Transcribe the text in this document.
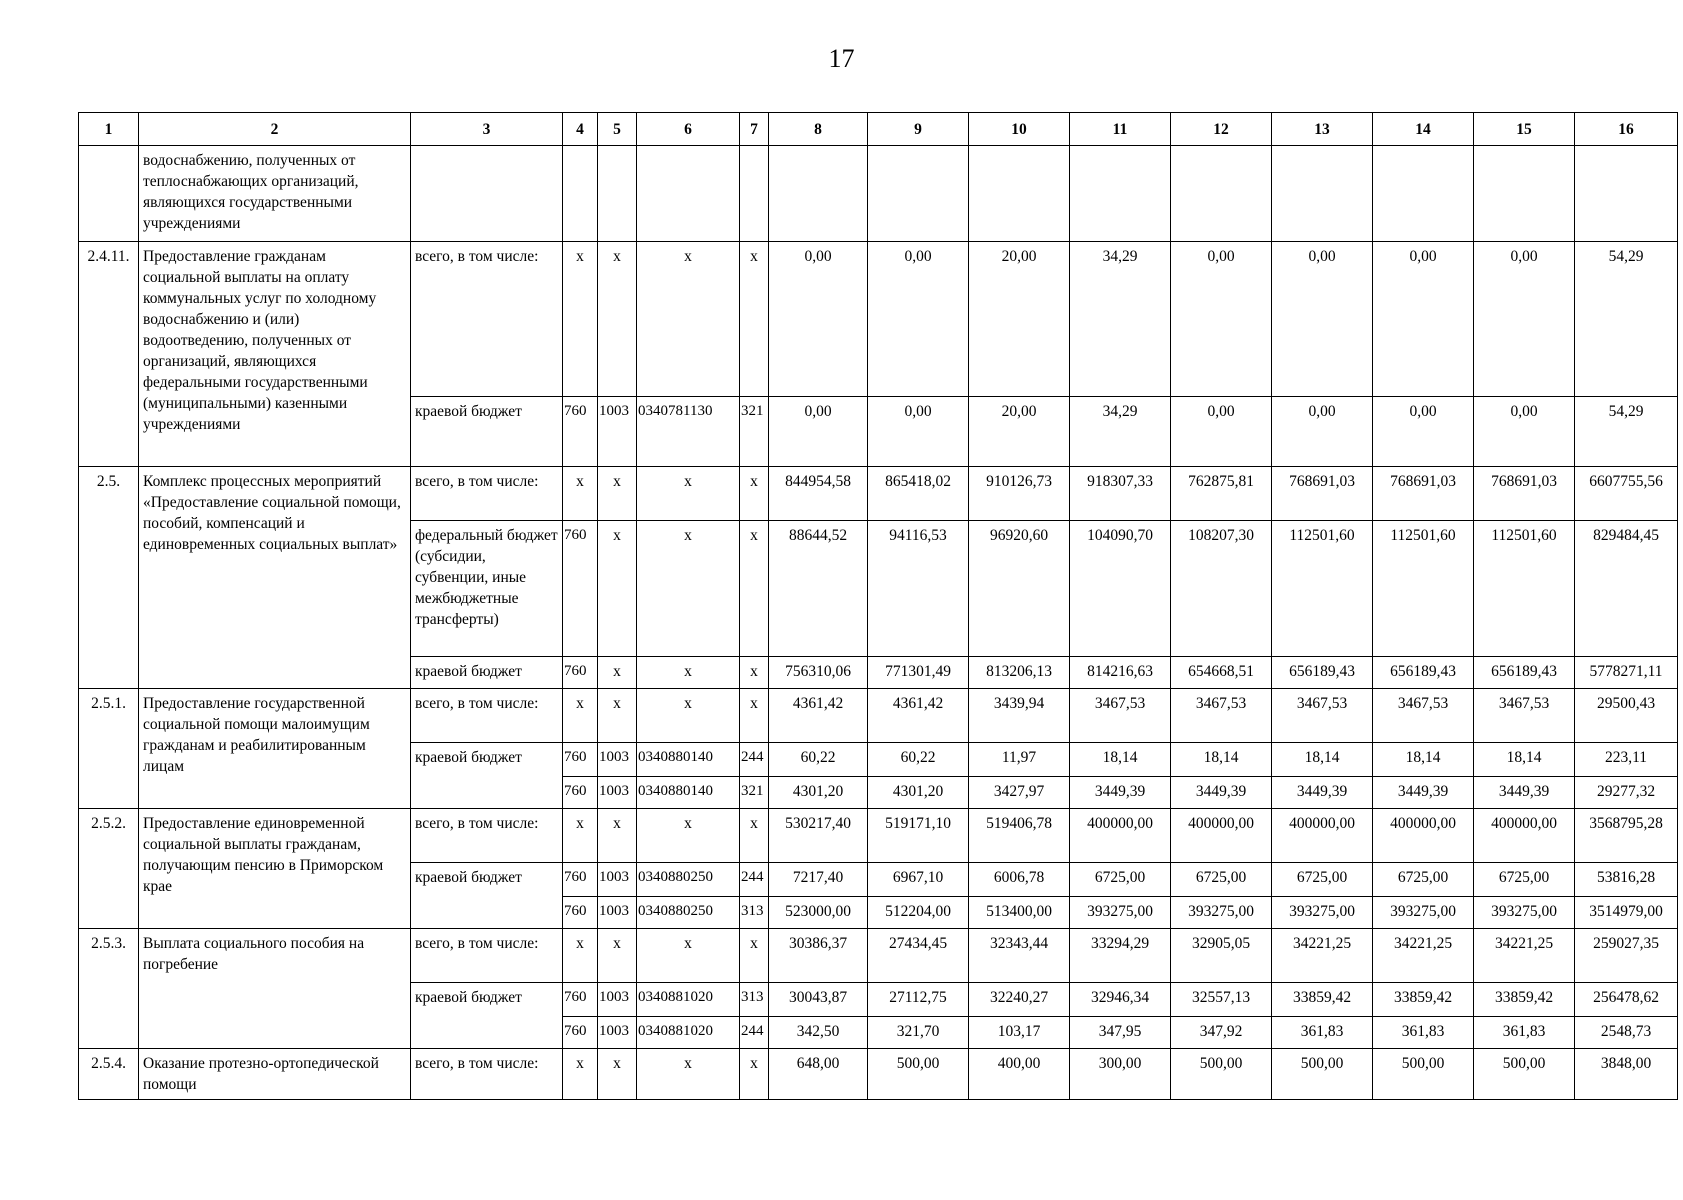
17
1	2	3	4	5	6	7	8	9	10	11	12	13	14	15	16
	водоснабжению, полученных от теплоснабжающих организаций, являющихся государственными учреждениями														
2.4.11.	Предоставление гражданам социальной выплаты на оплату коммунальных услуг по холодному водоснабжению и (или) водоотведению, полученных от организаций, являющихся федеральными государственными (муниципальными) казенными учреждениями	всего, в том числе:	x	x	x	x	0,00	0,00	20,00	34,29	0,00	0,00	0,00	0,00	54,29
		краевой бюджет	760	1003	0340781130	321	0,00	0,00	20,00	34,29	0,00	0,00	0,00	0,00	54,29
2.5.	Комплекс процессных мероприятий «Предоставление социальной помощи, пособий, компенсаций и единовременных социальных выплат»	всего, в том числе:	x	x	x	x	844954,58	865418,02	910126,73	918307,33	762875,81	768691,03	768691,03	768691,03	6607755,56
		федеральный бюджет (субсидии, субвенции, иные межбюджетные трансферты)	760	x	x	x	88644,52	94116,53	96920,60	104090,70	108207,30	112501,60	112501,60	112501,60	829484,45
		краевой бюджет	760	x	x	x	756310,06	771301,49	813206,13	814216,63	654668,51	656189,43	656189,43	656189,43	5778271,11
2.5.1.	Предоставление государственной социальной помощи малоимущим гражданам и реабилитированным лицам	всего, в том числе:	x	x	x	x	4361,42	4361,42	3439,94	3467,53	3467,53	3467,53	3467,53	3467,53	29500,43
		краевой бюджет	760	1003	0340880140	244	60,22	60,22	11,97	18,14	18,14	18,14	18,14	18,14	223,11
			760	1003	0340880140	321	4301,20	4301,20	3427,97	3449,39	3449,39	3449,39	3449,39	3449,39	29277,32
2.5.2.	Предоставление единовременной социальной выплаты гражданам, получающим пенсию в Приморском крае	всего, в том числе:	x	x	x	x	530217,40	519171,10	519406,78	400000,00	400000,00	400000,00	400000,00	400000,00	3568795,28
		краевой бюджет	760	1003	0340880250	244	7217,40	6967,10	6006,78	6725,00	6725,00	6725,00	6725,00	6725,00	53816,28
			760	1003	0340880250	313	523000,00	512204,00	513400,00	393275,00	393275,00	393275,00	393275,00	393275,00	3514979,00
2.5.3.	Выплата социального пособия на погребение	всего, в том числе:	x	x	x	x	30386,37	27434,45	32343,44	33294,29	32905,05	34221,25	34221,25	34221,25	259027,35
		краевой бюджет	760	1003	0340881020	313	30043,87	27112,75	32240,27	32946,34	32557,13	33859,42	33859,42	33859,42	256478,62
			760	1003	0340881020	244	342,50	321,70	103,17	347,95	347,92	361,83	361,83	361,83	2548,73
2.5.4.	Оказание протезно-ортопедической помощи	всего, в том числе:	x	x	x	x	648,00	500,00	400,00	300,00	500,00	500,00	500,00	500,00	3848,00
